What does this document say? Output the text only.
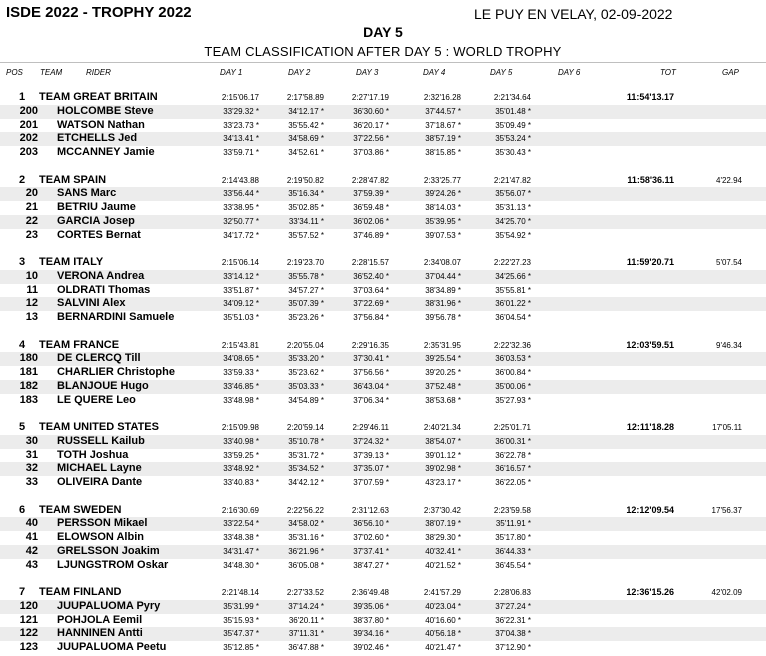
ISDE 2022 - TROPHY 2022	LE PUY EN VELAY, 02-09-2022
DAY 5
TEAM CLASSIFICATION AFTER DAY 5 : WORLD TROPHY
POS TEAM	RIDER	DAY 1	DAY 2	DAY 3	DAY 4	DAY 5	DAY 6	TOT	GAP
1 TEAM GREAT BRITAIN	2:15'06.17	2:17'58.89	2:27'17.19	2:32'16.28	2:21'34.64	11:54'13.17
200 HOLCOMBE Steve	33'29.32 *	34'12.17 *	36'30.60 *	37'44.57 *	35'01.48 *
201 WATSON Nathan	33'23.73 *	35'55.42 *	36'20.17 *	37'18.67 *	35'09.49 *
202 ETCHELLS Jed	34'13.41 *	34'58.69 *	37'22.56 *	38'57.19 *	35'53.24 *
203 MCCANNEY Jamie	33'59.71 *	34'52.61 *	37'03.86 *	38'15.85 *	35'30.43 *
2 TEAM SPAIN	2:14'43.88	2:19'50.82	2:28'47.82	2:33'25.77	2:21'47.82	11:58'36.11	4'22.94
20 SANS Marc	33'56.44 *	35'16.34 *	37'59.39 *	39'24.26 *	35'56.07 *
21 BETRIU Jaume	33'38.95 *	35'02.85 *	36'59.48 *	38'14.03 *	35'31.13 *
22 GARCIA Josep	32'50.77 *	33'34.11 *	36'02.06 *	35'39.95 *	34'25.70 *
23 CORTES Bernat	34'17.72 *	35'57.52 *	37'46.89 *	39'07.53 *	35'54.92 *
3 TEAM ITALY	2:15'06.14	2:19'23.70	2:28'15.57	2:34'08.07	2:22'27.23	11:59'20.71	5'07.54
10 VERONA Andrea	33'14.12 *	35'55.78 *	36'52.40 *	37'04.44 *	34'25.66 *
11 OLDRATI Thomas	33'51.87 *	34'57.27 *	37'03.64 *	38'34.89 *	35'55.81 *
12 SALVINI Alex	34'09.12 *	35'07.39 *	37'22.69 *	38'31.96 *	36'01.22 *
13 BERNARDINI Samuele	35'51.03 *	35'23.26 *	37'56.84 *	39'56.78 *	36'04.54 *
4 TEAM FRANCE	2:15'43.81	2:20'55.04	2:29'16.35	2:35'31.95	2:22'32.36	12:03'59.51	9'46.34
180 DE CLERCQ Till	34'08.65 *	35'33.20 *	37'30.41 *	39'25.54 *	36'03.53 *
181 CHARLIER Christophe	33'59.33 *	35'23.62 *	37'56.56 *	39'20.25 *	36'00.84 *
182 BLANJOUE Hugo	33'46.85 *	35'03.33 *	36'43.04 *	37'52.48 *	35'00.06 *
183 LE QUERE Leo	33'48.98 *	34'54.89 *	37'06.34 *	38'53.68 *	35'27.93 *
5 TEAM UNITED STATES	2:15'09.98	2:20'59.14	2:29'46.11	2:40'21.34	2:25'01.71	12:11'18.28	17'05.11
30 RUSSELL Kailub	33'40.98 *	35'10.78 *	37'24.32 *	38'54.07 *	36'00.31 *
31 TOTH Joshua	33'59.25 *	35'31.72 *	37'39.13 *	39'01.12 *	36'22.78 *
32 MICHAEL Layne	33'48.92 *	35'34.52 *	37'35.07 *	39'02.98 *	36'16.57 *
33 OLIVEIRA Dante	33'40.83 *	34'42.12 *	37'07.59 *	43'23.17 *	36'22.05 *
6 TEAM SWEDEN	2:16'30.69	2:22'56.22	2:31'12.63	2:37'30.42	2:23'59.58	12:12'09.54	17'56.37
40 PERSSON Mikael	33'22.54 *	34'58.02 *	36'56.10 *	38'07.19 *	35'11.91 *
41 ELOWSON Albin	33'48.38 *	35'31.16 *	37'02.60 *	38'29.30 *	35'17.80 *
42 GRELSSON Joakim	34'31.47 *	36'21.96 *	37'37.41 *	40'32.41 *	36'44.33 *
43 LJUNGSTROM Oskar	34'48.30 *	36'05.08 *	38'47.27 *	40'21.52 *	36'45.54 *
7 TEAM FINLAND	2:21'48.14	2:27'33.52	2:36'49.48	2:41'57.29	2:28'06.83	12:36'15.26	42'02.09
120 JUUPALUOMA Pyry	35'31.99 *	37'14.24 *	39'35.06 *	40'23.04 *	37'27.24 *
121 POHJOLA Eemil	35'15.93 *	36'20.11 *	38'37.80 *	40'16.60 *	36'22.31 *
122 HANNINEN Antti	35'47.37 *	37'11.31 *	39'34.16 *	40'56.18 *	37'04.38 *
123 JUUPALUOMA Peetu	35'12.85 *	36'47.88 *	39'02.46 *	40'21.47 *	37'12.90 *
